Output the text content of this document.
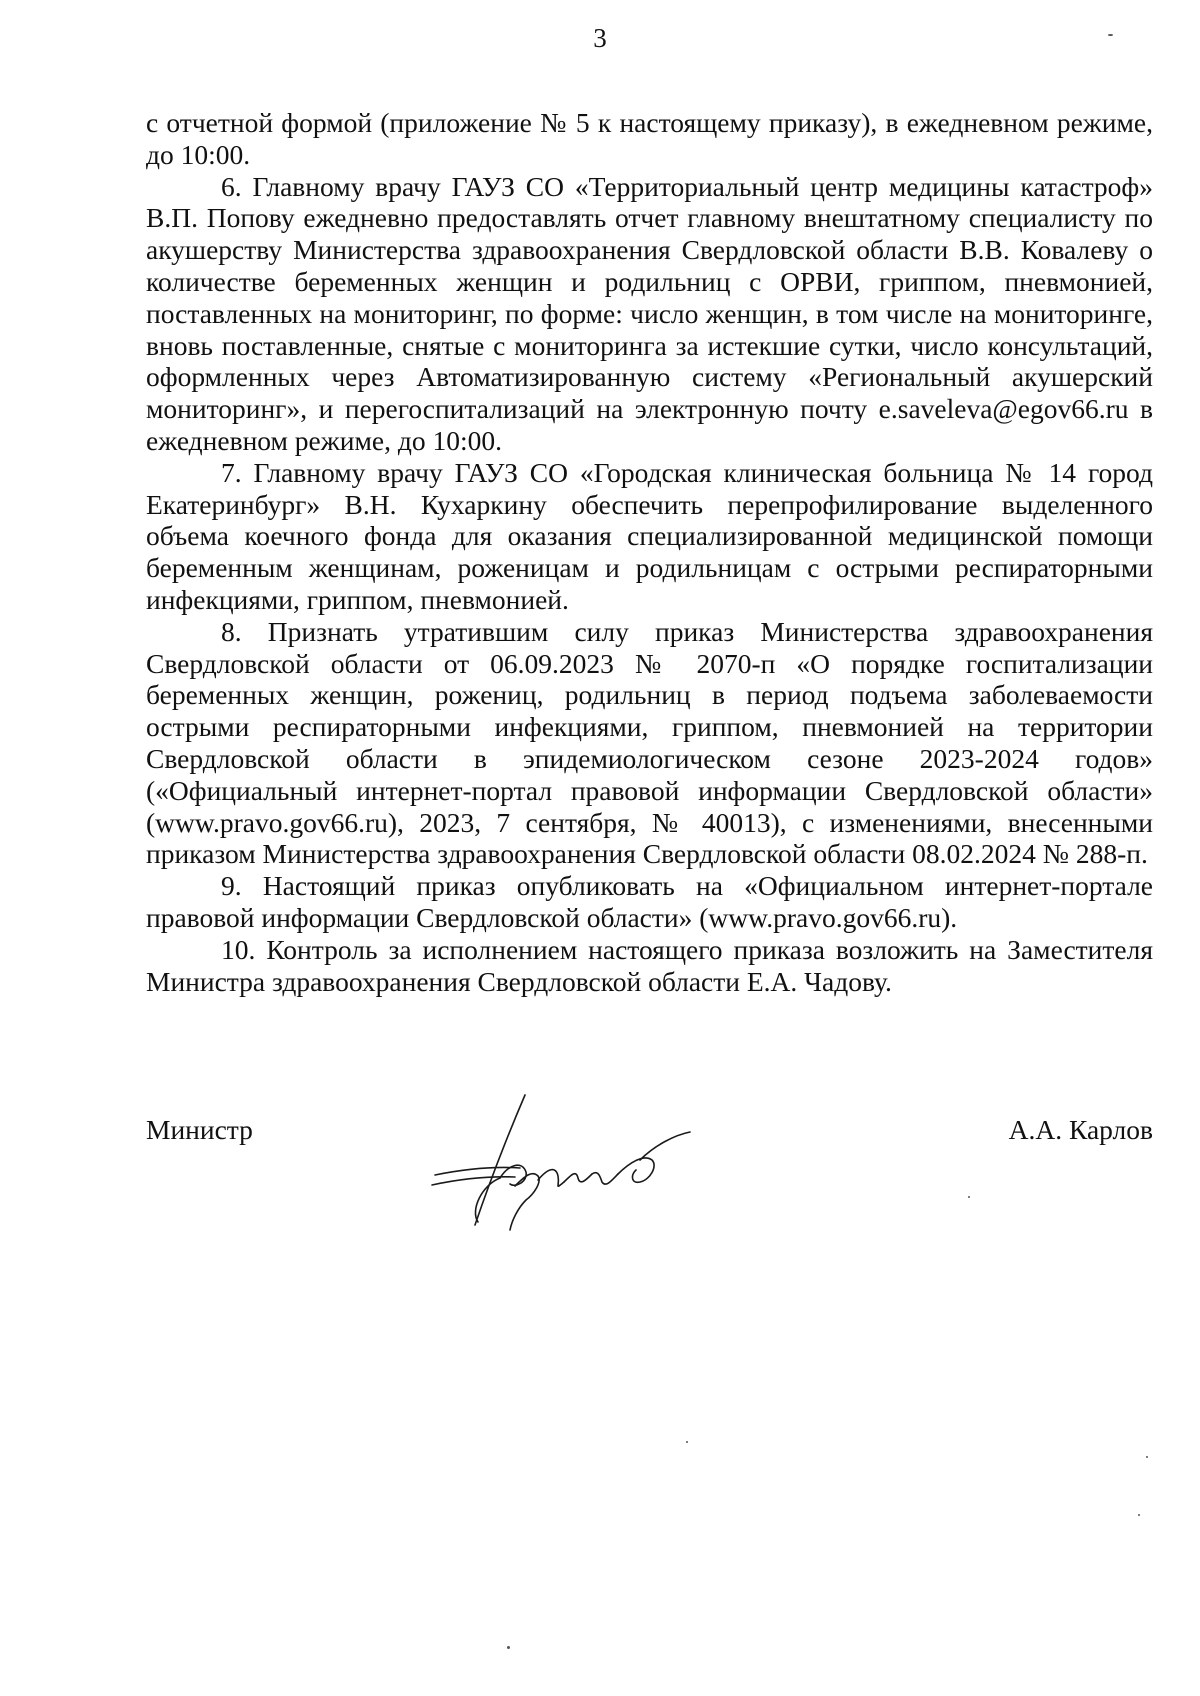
3

с отчетной формой (приложение № 5 к настоящему приказу), в ежедневном режиме, до 10:00.

6. Главному врачу ГАУЗ СО «Территориальный центр медицины катастроф» В.П. Попову ежедневно предоставлять отчет главному внештатному специалисту по акушерству Министерства здравоохранения Свердловской области В.В. Ковалеву о количестве беременных женщин и родильниц с ОРВИ, гриппом, пневмонией, поставленных на мониторинг, по форме: число женщин, в том числе на мониторинге, вновь поставленные, снятые с мониторинга за истекшие сутки, число консультаций, оформленных через Автоматизированную систему «Региональный акушерский мониторинг», и перегоспитализаций на электронную почту e.saveleva@egov66.ru в ежедневном режиме, до 10:00.

7. Главному врачу ГАУЗ СО «Городская клиническая больница № 14 город Екатеринбург» В.Н. Кухаркину обеспечить перепрофилирование выделенного объема коечного фонда для оказания специализированной медицинской помощи беременным женщинам, роженицам и родильницам с острыми респираторными инфекциями, гриппом, пневмонией.

8. Признать утратившим силу приказ Министерства здравоохранения Свердловской области от 06.09.2023 № 2070-п «О порядке госпитализации беременных женщин, рожениц, родильниц в период подъема заболеваемости острыми респираторными инфекциями, гриппом, пневмонией на территории Свердловской области в эпидемиологическом сезоне 2023-2024 годов» («Официальный интернет-портал правовой информации Свердловской области» (www.pravo.gov66.ru), 2023, 7 сентября, № 40013), с изменениями, внесенными приказом Министерства здравоохранения Свердловской области 08.02.2024 № 288-п.

9. Настоящий приказ опубликовать на «Официальном интернет-портале правовой информации Свердловской области» (www.pravo.gov66.ru).

10. Контроль за исполнением настоящего приказа возложить на Заместителя Министра здравоохранения Свердловской области Е.А. Чадову.

Министр	А.А. Карлов
